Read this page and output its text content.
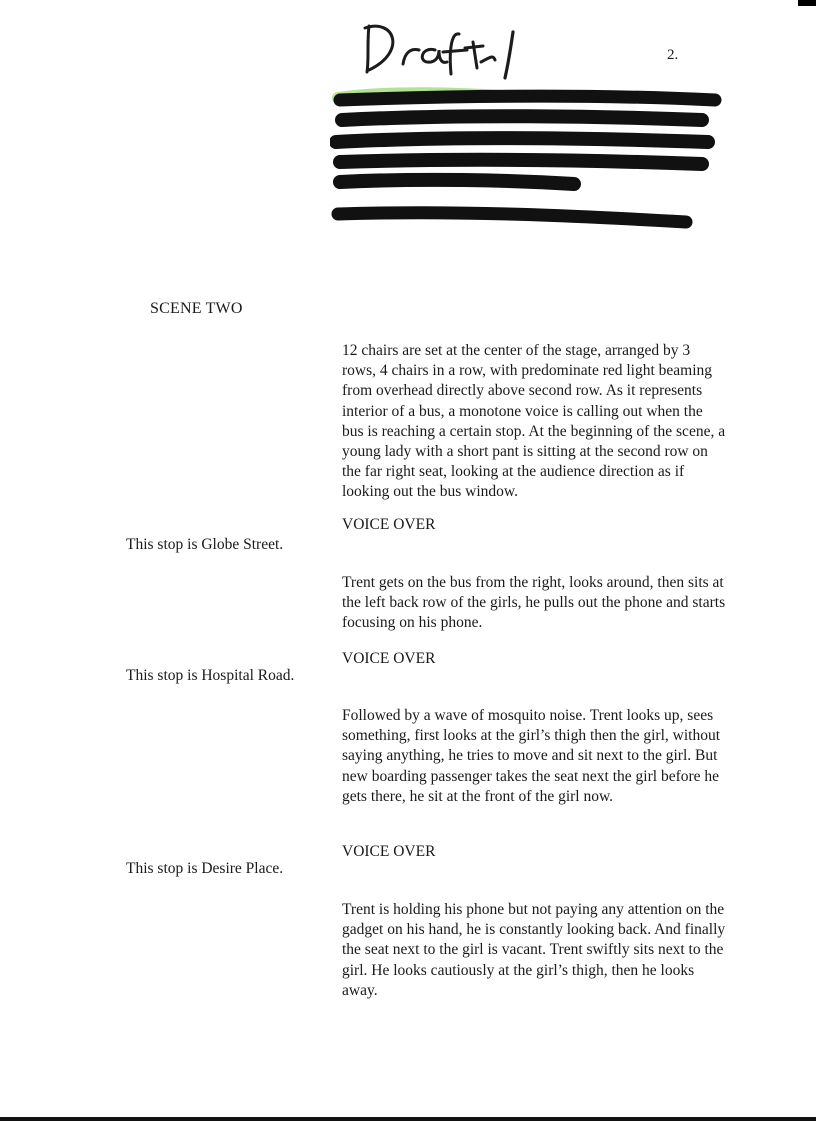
2.
SCENE TWO
12 chairs are set at the center of the stage, arranged by 3 rows, 4 chairs in a row, with predominate red light beaming from overhead directly above second row. As it represents interior of a bus, a monotone voice is calling out when the bus is reaching a certain stop. At the beginning of the scene, a young lady with a short pant is sitting at the second row on the far right seat, looking at the audience direction as if looking out the bus window.
VOICE OVER
This stop is Globe Street.
Trent gets on the bus from the right, looks around, then sits at the left back row of the girls, he pulls out the phone and starts focusing on his phone.
VOICE OVER
This stop is Hospital Road.
Followed by a wave of mosquito noise. Trent looks up, sees something, first looks at the girl’s thigh then the girl, without saying anything, he tries to move and sit next to the girl. But new boarding passenger takes the seat next the girl before he gets there, he sit at the front of the girl now.
VOICE OVER
This stop is Desire Place.
Trent is holding his phone but not paying any attention on the gadget on his hand, he is constantly looking back. And finally the seat next to the girl is vacant. Trent swiftly sits next to the girl. He looks cautiously at the girl’s thigh, then he looks away.
